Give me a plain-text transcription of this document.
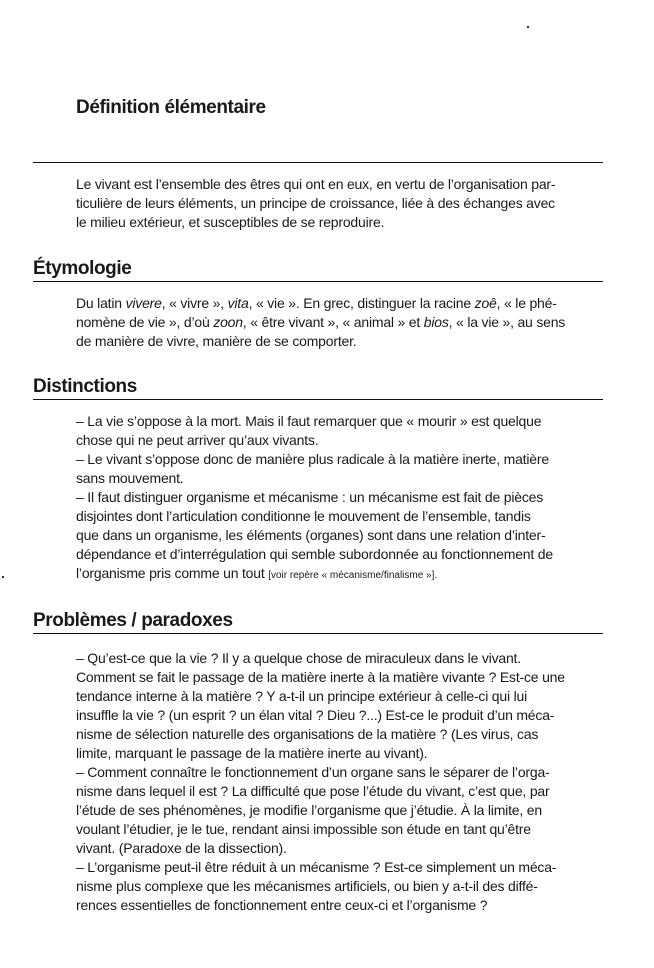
Définition élémentaire
Le vivant est l’ensemble des êtres qui ont en eux, en vertu de l’organisation par-
ticulière de leurs éléments, un principe de croissance, liée à des échanges avec
le milieu extérieur, et susceptibles de se reproduire.
Étymologie
Du latin vivere, « vivre », vita, « vie ». En grec, distinguer la racine zoê, « le phé-
nomène de vie », d’où zoon, « être vivant », « animal » et bios, « la vie », au sens
de manière de vivre, manière de se comporter.
Distinctions
– La vie s’oppose à la mort. Mais il faut remarquer que « mourir » est quelque
chose qui ne peut arriver qu’aux vivants.
– Le vivant s’oppose donc de manière plus radicale à la matière inerte, matière
sans mouvement.
– Il faut distinguer organisme et mécanisme : un mécanisme est fait de pièces
disjointes dont l’articulation conditionne le mouvement de l’ensemble, tandis
que dans un organisme, les éléments (organes) sont dans une relation d’inter-
dépendance et d’interrégulation qui semble subordonnée au fonctionnement de
l’organisme pris comme un tout [voir repère « mécanisme/finalisme »].
Problèmes / paradoxes
– Qu’est-ce que la vie ? Il y a quelque chose de miraculeux dans le vivant.
Comment se fait le passage de la matière inerte à la matière vivante ? Est-ce une
tendance interne à la matière ? Y a-t-il un principe extérieur à celle-ci qui lui
insuffle la vie ? (un esprit ? un élan vital ? Dieu ?...) Est-ce le produit d’un méca-
nisme de sélection naturelle des organisations de la matière ? (Les virus, cas
limite, marquant le passage de la matière inerte au vivant).
– Comment connaître le fonctionnement d’un organe sans le séparer de l’orga-
nisme dans lequel il est ? La difficulté que pose l’étude du vivant, c’est que, par
l’étude de ses phénomènes, je modifie l’organisme que j’étudie. À la limite, en
voulant l’étudier, je le tue, rendant ainsi impossible son étude en tant qu’être
vivant. (Paradoxe de la dissection).
– L’organisme peut-il être réduit à un mécanisme ? Est-ce simplement un méca-
nisme plus complexe que les mécanismes artificiels, ou bien y a-t-il des diffé-
rences essentielles de fonctionnement entre ceux-ci et l’organisme ?
